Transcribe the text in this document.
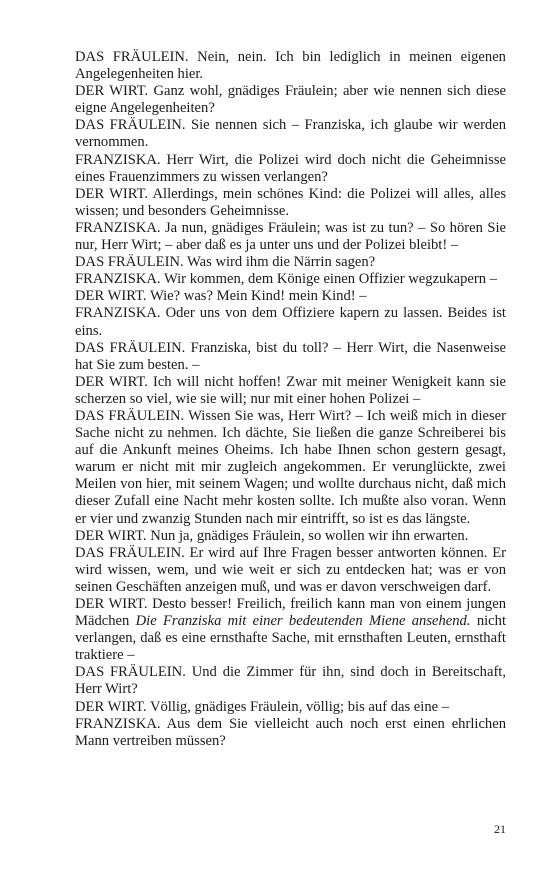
DAS FRÄULEIN. Nein, nein. Ich bin lediglich in meinen eigenen Angelegenheiten hier.

DER WIRT. Ganz wohl, gnädiges Fräulein; aber wie nennen sich diese eigne Angelegenheiten?

DAS FRÄULEIN. Sie nennen sich – Franziska, ich glaube wir werden vernommen.

FRANZISKA. Herr Wirt, die Polizei wird doch nicht die Geheimnisse eines Frauenzimmers zu wissen verlangen?

DER WIRT. Allerdings, mein schönes Kind: die Polizei will alles, alles wissen; und besonders Geheimnisse.

FRANZISKA. Ja nun, gnädiges Fräulein; was ist zu tun? – So hören Sie nur, Herr Wirt; – aber daß es ja unter uns und der Polizei bleibt! –

DAS FRÄULEIN. Was wird ihm die Närrin sagen?

FRANZISKA. Wir kommen, dem Könige einen Offizier wegzukapern –

DER WIRT. Wie? was? Mein Kind! mein Kind! –

FRANZISKA. Oder uns von dem Offiziere kapern zu lassen. Beides ist eins.

DAS FRÄULEIN. Franziska, bist du toll? – Herr Wirt, die Nasenweise hat Sie zum besten. –

DER WIRT. Ich will nicht hoffen! Zwar mit meiner Wenigkeit kann sie scherzen so viel, wie sie will; nur mit einer hohen Polizei –

DAS FRÄULEIN. Wissen Sie was, Herr Wirt? – Ich weiß mich in dieser Sache nicht zu nehmen. Ich dächte, Sie ließen die ganze Schreiberei bis auf die Ankunft meines Oheims. Ich habe Ihnen schon gestern gesagt, warum er nicht mit mir zugleich angekommen. Er verunglückte, zwei Meilen von hier, mit seinem Wagen; und wollte durchaus nicht, daß mich dieser Zufall eine Nacht mehr kosten sollte. Ich mußte also voran. Wenn er vier und zwanzig Stunden nach mir eintrifft, so ist es das längste.

DER WIRT. Nun ja, gnädiges Fräulein, so wollen wir ihn erwarten.

DAS FRÄULEIN. Er wird auf Ihre Fragen besser antworten können. Er wird wissen, wem, und wie weit er sich zu entdecken hat; was er von seinen Geschäften anzeigen muß, und was er davon verschweigen darf.

DER WIRT. Desto besser! Freilich, freilich kann man von einem jungen Mädchen Die Franziska mit einer bedeutenden Miene ansehend. nicht verlangen, daß es eine ernsthafte Sache, mit ernsthaften Leuten, ernsthaft traktiere –

DAS FRÄULEIN. Und die Zimmer für ihn, sind doch in Bereitschaft, Herr Wirt?

DER WIRT. Völlig, gnädiges Fräulein, völlig; bis auf das eine –

FRANZISKA. Aus dem Sie vielleicht auch noch erst einen ehrlichen Mann vertreiben müssen?

21
